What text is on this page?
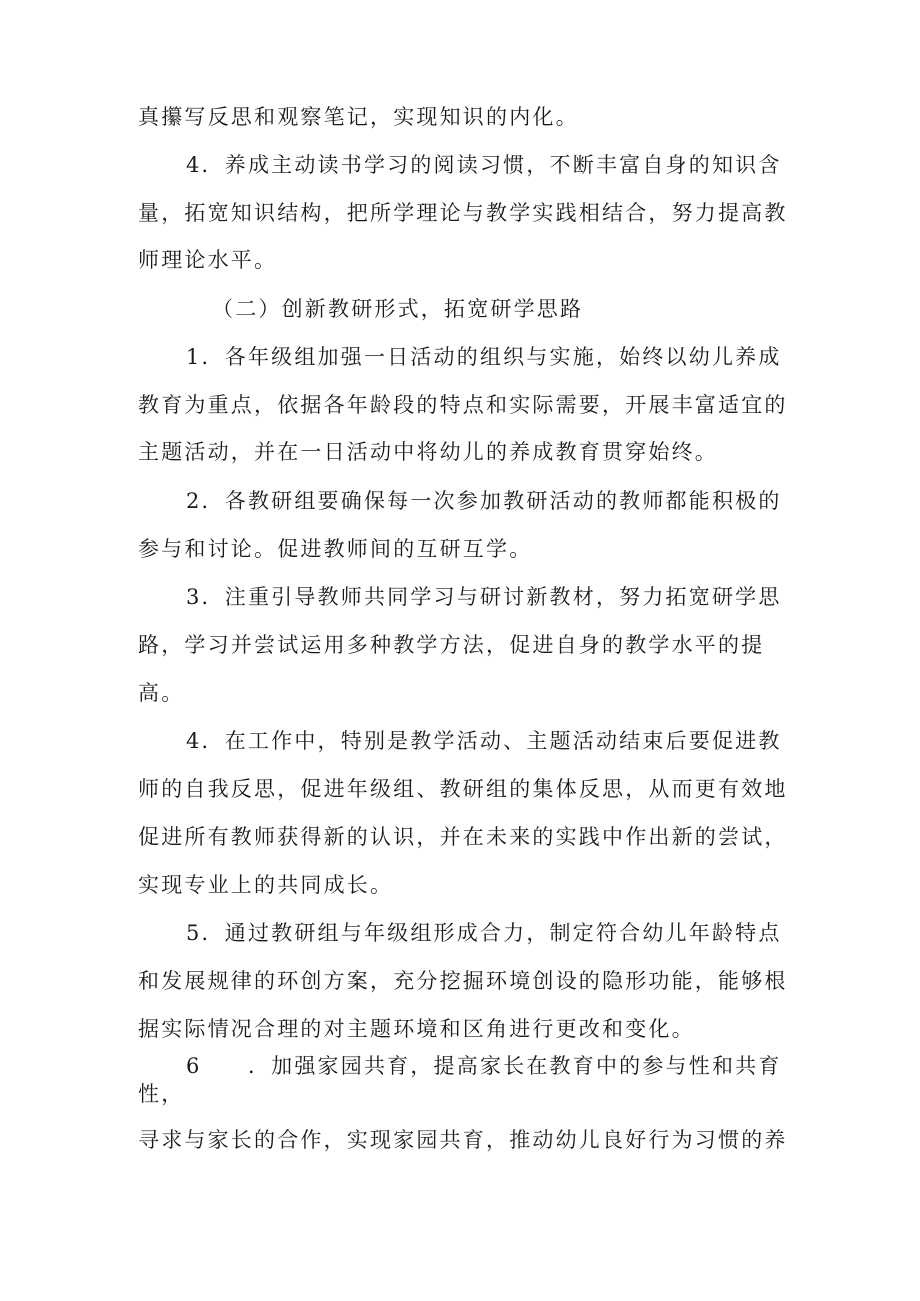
真攥写反思和观察笔记，实现知识的内化。
4．养成主动读书学习的阅读习惯，不断丰富自身的知识含
量，拓宽知识结构，把所学理论与教学实践相结合，努力提高教
师理论水平。
（二）创新教研形式，拓宽研学思路
1．各年级组加强一日活动的组织与实施，始终以幼儿养成
教育为重点，依据各年龄段的特点和实际需要，开展丰富适宜的
主题活动，并在一日活动中将幼儿的养成教育贯穿始终。
2．各教研组要确保每一次参加教研活动的教师都能积极的
参与和讨论。促进教师间的互研互学。
3．注重引导教师共同学习与研讨新教材，努力拓宽研学思
路，学习并尝试运用多种教学方法，促进自身的教学水平的提
高。
4．在工作中，特别是教学活动、主题活动结束后要促进教
师的自我反思，促进年级组、教研组的集体反思，从而更有效地
促进所有教师获得新的认识，并在未来的实践中作出新的尝试，
实现专业上的共同成长。
5．通过教研组与年级组形成合力，制定符合幼儿年龄特点
和发展规律的环创方案，充分挖掘环境创设的隐形功能，能够根
据实际情况合理的对主题环境和区角进行更改和变化。
6　　．加强家园共育，提高家长在教育中的参与性和共育
性，
寻求与家长的合作，实现家园共育，推动幼儿良好行为习惯的养
